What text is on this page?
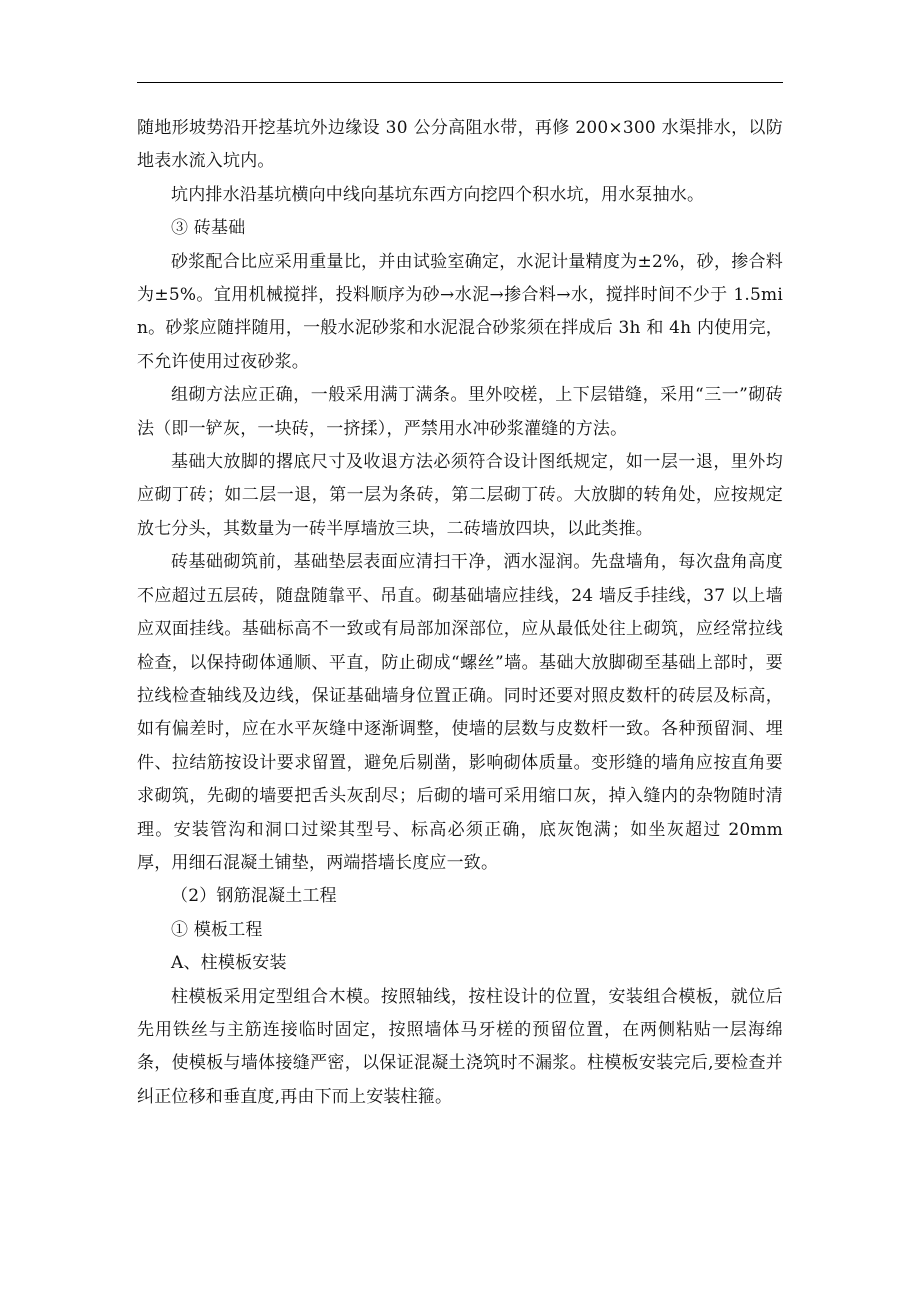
随地形坡势沿开挖基坑外边缘设 30 公分高阻水带，再修 200×300 水渠排水，以防地表水流入坑内。

坑内排水沿基坑横向中线向基坑东西方向挖四个积水坑，用水泵抽水。

③ 砖基础

砂浆配合比应采用重量比，并由试验室确定，水泥计量精度为±2%，砂，掺合料为±5%。宜用机械搅拌，投料顺序为砂→水泥→掺合料→水，搅拌时间不少于 1.5min。砂浆应随拌随用，一般水泥砂浆和水泥混合砂浆须在拌成后 3h 和 4h 内使用完，不允许使用过夜砂浆。

组砌方法应正确，一般采用满丁满条。里外咬槎，上下层错缝，采用“三一”砌砖法（即一铲灰，一块砖，一挤揉），严禁用水冲砂浆灌缝的方法。

基础大放脚的撂底尺寸及收退方法必须符合设计图纸规定，如一层一退，里外均应砌丁砖；如二层一退，第一层为条砖，第二层砌丁砖。大放脚的转角处，应按规定放七分头，其数量为一砖半厚墙放三块，二砖墙放四块，以此类推。

砖基础砌筑前，基础垫层表面应清扫干净，洒水湿润。先盘墙角，每次盘角高度不应超过五层砖，随盘随靠平、吊直。砌基础墙应挂线，24 墙反手挂线，37 以上墙应双面挂线。基础标高不一致或有局部加深部位，应从最低处往上砌筑，应经常拉线检查，以保持砌体通顺、平直，防止砌成“螺丝”墙。基础大放脚砌至基础上部时，要拉线检查轴线及边线，保证基础墙身位置正确。同时还要对照皮数杆的砖层及标高，如有偏差时，应在水平灰缝中逐渐调整，使墙的层数与皮数杆一致。各种预留洞、埋件、拉结筋按设计要求留置，避免后剔凿，影响砌体质量。变形缝的墙角应按直角要求砌筑，先砌的墙要把舌头灰刮尽；后砌的墙可采用缩口灰，掉入缝内的杂物随时清理。安装管沟和洞口过梁其型号、标高必须正确，底灰饱满；如坐灰超过 20mm 厚，用细石混凝土铺垫，两端搭墙长度应一致。

（2）钢筋混凝土工程

① 模板工程

A、柱模板安装

柱模板采用定型组合木模。按照轴线，按柱设计的位置，安装组合模板，就位后先用铁丝与主筋连接临时固定，按照墙体马牙槎的预留位置，在两侧粘贴一层海绵条，使模板与墙体接缝严密，以保证混凝土浇筑时不漏浆。柱模板安装完后,要检查并纠正位移和垂直度,再由下而上安装柱箍。
